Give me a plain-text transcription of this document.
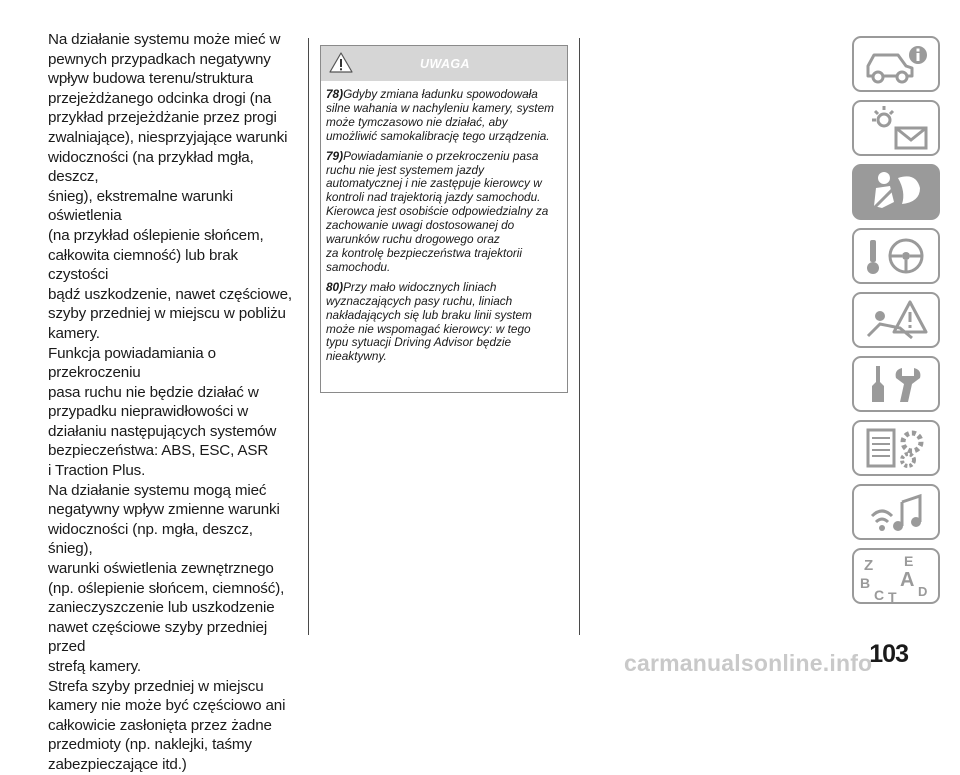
Na działanie systemu może mieć w
pewnych przypadkach negatywny
wpływ budowa terenu/struktura
przejeżdżanego odcinka drogi (na
przykład przejeżdżanie przez progi
zwalniające), niesprzyjające warunki
widoczności (na przykład mgła, deszcz,
śnieg), ekstremalne warunki oświetlenia
(na przykład oślepienie słońcem,
całkowita ciemność) lub brak czystości
bądź uszkodzenie, nawet częściowe,
szyby przedniej w miejscu w pobliżu
kamery.

Funkcja powiadamiania o przekroczeniu
pasa ruchu nie będzie działać w
przypadku nieprawidłowości w
działaniu następujących systemów
bezpieczeństwa: ABS, ESC, ASR
i Traction Plus.

Na działanie systemu mogą mieć
negatywny wpływ zmienne warunki
widoczności (np. mgła, deszcz, śnieg),
warunki oświetlenia zewnętrznego
(np. oślepienie słońcem, ciemność),
zanieczyszczenie lub uszkodzenie
nawet częściowe szyby przedniej przed
strefą kamery.

Strefa szyby przedniej w miejscu
kamery nie może być częściowo ani
całkowicie zasłonięta przez żadne
przedmioty (np. naklejki, taśmy
zabezpieczające itd.)

UWAGA

78)Gdyby zmiana ładunku spowodowała
silne wahania w nachyleniu kamery, system
może tymczasowo nie działać, aby
umożliwić samokalibrację tego urządzenia.

79)Powiadamianie o przekroczeniu pasa
ruchu nie jest systemem jazdy
automatycznej i nie zastępuje kierowcy w
kontroli nad trajektorią jazdy samochodu.
Kierowca jest osobiście odpowiedzialny za
zachowanie uwagi dostosowanej do
warunków ruchu drogowego oraz
za kontrolę bezpieczeństwa trajektorii
samochodu.

80)Przy mało widocznych liniach
wyznaczających pasy ruchu, liniach
nakładających się lub braku linii system
może nie wspomagać kierowcy: w tego
typu sytuacji Driving Advisor będzie
nieaktywny.

Z E
B A
C	D
T
carmanualsonline.info
103
